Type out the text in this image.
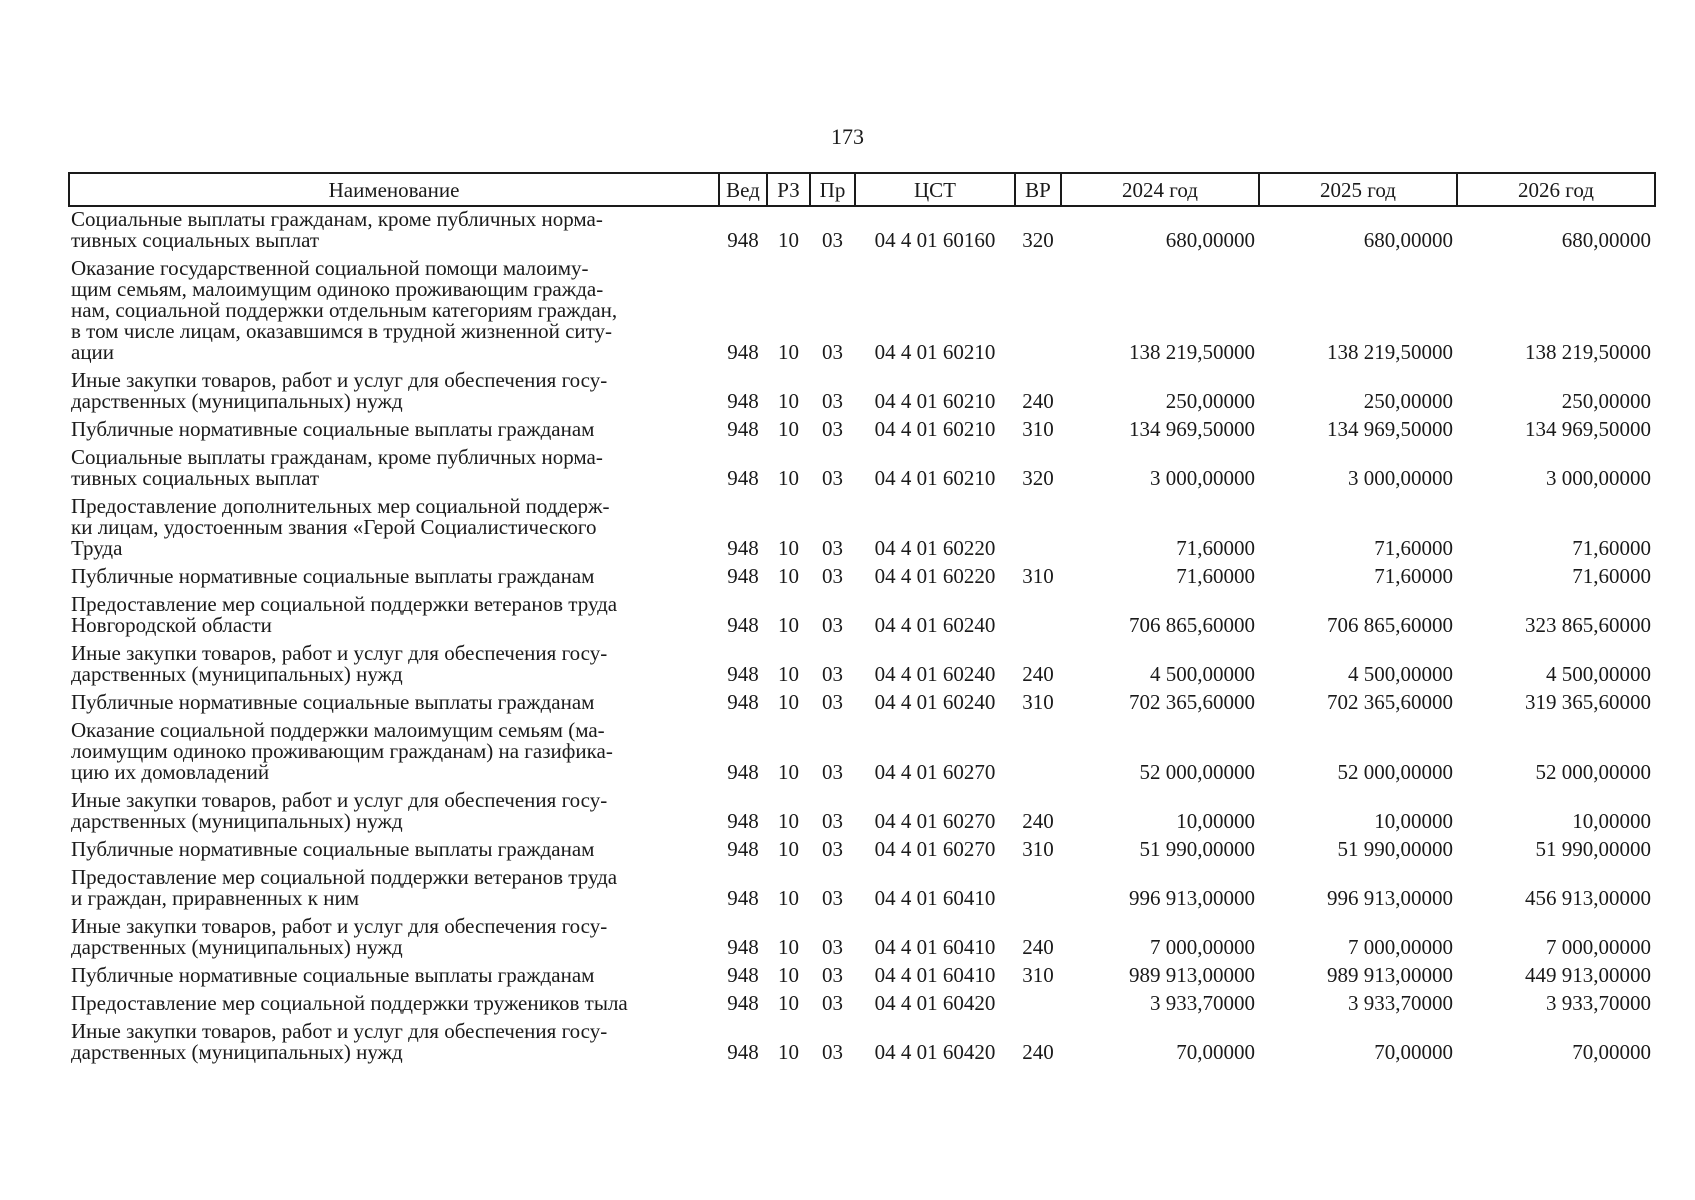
173
Наименование	Вед	РЗ	Пр	ЦСТ	ВР	2024 год	2025 год	2026 год

Социальные выплаты гражданам, кроме публичных норма-
тивных социальных выплат	948	10	03	04 4 01 60160	320	680,00000	680,00000	680,00000

Оказание государственной социальной помощи малоиму-
щим семьям, малоимущим одиноко проживающим гражда-
нам, социальной поддержки отдельным категориям граждан,
в том числе лицам, оказавшимся в трудной жизненной ситу-
ации	948	10	03	04 4 01 60210		138 219,50000	138 219,50000	138 219,50000

Иные закупки товаров, работ и услуг для обеспечения госу-
дарственных (муниципальных) нужд	948	10	03	04 4 01 60210	240	250,00000	250,00000	250,00000

Публичные нормативные социальные выплаты гражданам	948	10	03	04 4 01 60210	310	134 969,50000	134 969,50000	134 969,50000

Социальные выплаты гражданам, кроме публичных норма-
тивных социальных выплат	948	10	03	04 4 01 60210	320	3 000,00000	3 000,00000	3 000,00000

Предоставление дополнительных мер социальной поддерж-
ки лицам, удостоенным звания «Герой Социалистического
Труда	948	10	03	04 4 01 60220		71,60000	71,60000	71,60000

Публичные нормативные социальные выплаты гражданам	948	10	03	04 4 01 60220	310	71,60000	71,60000	71,60000

Предоставление мер социальной поддержки ветеранов труда
Новгородской области	948	10	03	04 4 01 60240		706 865,60000	706 865,60000	323 865,60000

Иные закупки товаров, работ и услуг для обеспечения госу-
дарственных (муниципальных) нужд	948	10	03	04 4 01 60240	240	4 500,00000	4 500,00000	4 500,00000

Публичные нормативные социальные выплаты гражданам	948	10	03	04 4 01 60240	310	702 365,60000	702 365,60000	319 365,60000

Оказание социальной поддержки малоимущим семьям (ма-
лоимущим одиноко проживающим гражданам) на газифика-
цию их домовладений	948	10	03	04 4 01 60270		52 000,00000	52 000,00000	52 000,00000

Иные закупки товаров, работ и услуг для обеспечения госу-
дарственных (муниципальных) нужд	948	10	03	04 4 01 60270	240	10,00000	10,00000	10,00000

Публичные нормативные социальные выплаты гражданам	948	10	03	04 4 01 60270	310	51 990,00000	51 990,00000	51 990,00000

Предоставление мер социальной поддержки ветеранов труда
и граждан, приравненных к ним	948	10	03	04 4 01 60410		996 913,00000	996 913,00000	456 913,00000

Иные закупки товаров, работ и услуг для обеспечения госу-
дарственных (муниципальных) нужд	948	10	03	04 4 01 60410	240	7 000,00000	7 000,00000	7 000,00000

Публичные нормативные социальные выплаты гражданам	948	10	03	04 4 01 60410	310	989 913,00000	989 913,00000	449 913,00000

Предоставление мер социальной поддержки тружеников тыла	948	10	03	04 4 01 60420		3 933,70000	3 933,70000	3 933,70000

Иные закупки товаров, работ и услуг для обеспечения госу-
дарственных (муниципальных) нужд	948	10	03	04 4 01 60420	240	70,00000	70,00000	70,00000
